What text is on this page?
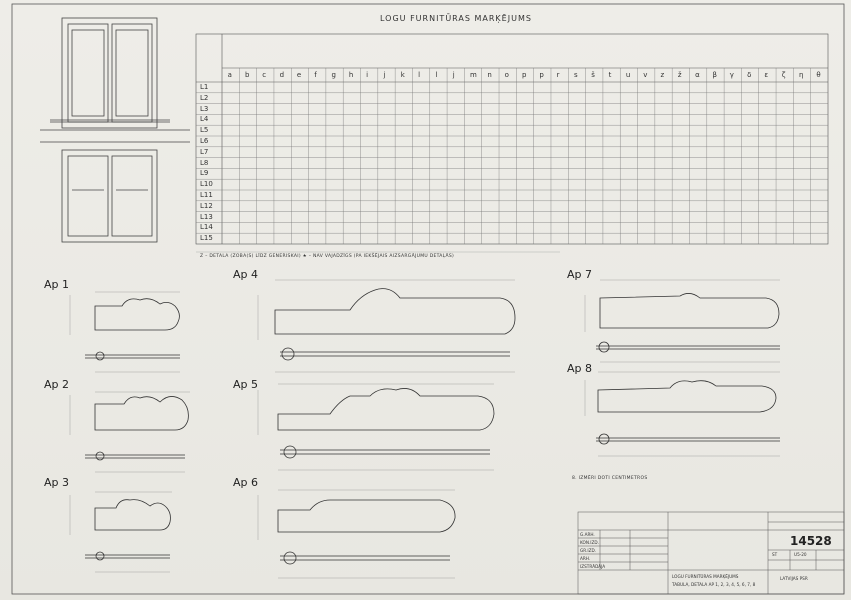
LOGU FURNITŪRAS MARĶĒJUMS
L1
L2
L3
L4
L5
L6
L7
L8
L9
L10
L11
L12
L13
L14
L15
a b c d e f g h i j k l l j m n o p p r s š t u v z ž α β γ δ ε ζ η θ
Z – DETALA (ZOBA(S) LĪDZ GENERISKAI) ★ – NAV VAJADZĪGS (PA IEKŠĒJAIS AIZSARGĀJUMU DETAĻĀS)
Ap 1
Ap 2
Ap 3
Ap 4
Ap 5
Ap 6
Ap 7
Ap 8
8. IZMĒRI DOTI CENTIMETROS
G.ARH.
KON.IZD.
GR.IZD.
ARH.
IZSTRĀDĀJA
LOGU FURNITŪRAS MARĶĒJUMS
TABULA, DETALA AP 1, 2, 3, 4, 5, 6, 7, 8
ST	U5-20
14528
LATVIJAS PSR
